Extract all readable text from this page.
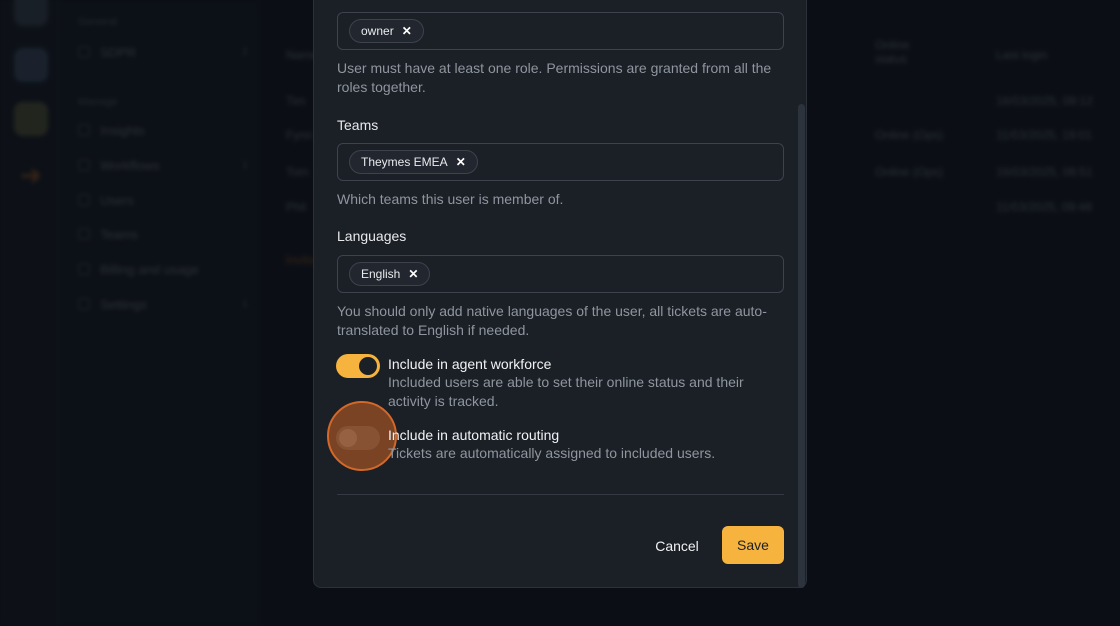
owner ✕
User must have at least one role. Permissions are granted from all the roles together.
Teams
Theymes EMEA ✕
Which teams this user is member of.
Languages
English ✕
You should only add native languages of the user, all tickets are auto-translated to English if needed.
Include in agent workforce
Included users are able to set their online status and their activity is tracked.
Include in automatic routing
Tickets are automatically assigned to included users.
Cancel	Save
